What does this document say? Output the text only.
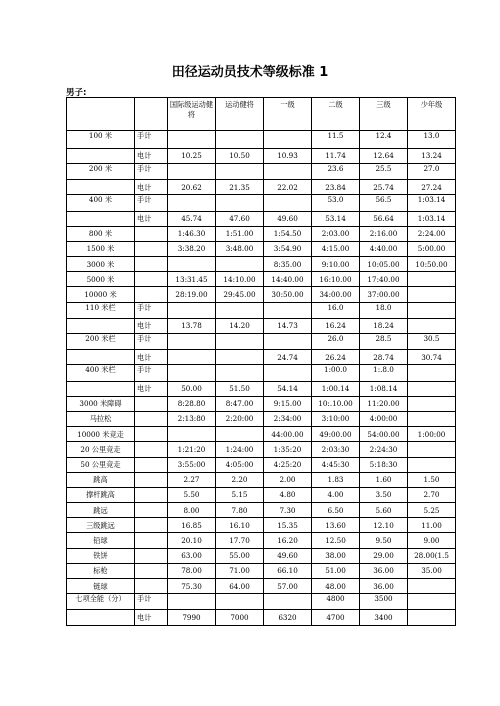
田径运动员技术等级标准 1
男子:
		国际级运动健将	运动健将	一级	二级	三级	少年级
100 米	手计				11.5	12.4	13.0
	电计	10.25	10.50	10.93	11.74	12.64	13.24
200 米	手计				23.6	25.5	27.0
	电计	20.62	21.35	22.02	23.84	25.74	27.24
400 米	手计				53.0	56.5	1:03.14
	电计	45.74	47.60	49.60	53.14	56.64	1:03.14
800 米		1:46.30	1:51.00	1:54.50	2:03.00	2:16.00	2:24.00
1500 米		3:38.20	3:48.00	3:54.90	4:15.00	4:40.00	5:00.00
3000 米				8:35.00	9:10.00	10:05.00	10:50.00
5000 米		13:31.45	14:10.00	14:40.00	16:10.00	17:40.00	
10000 米		28:19.00	29:45.00	30:50.00	34:00.00	37:00.00	
110 米栏	手计				16.0	18.0	
	电计	13.78	14.20	14.73	16.24	18.24	
200 米栏	手计				26.0	28.5	30.5
	电计			24.74	26.24	28.74	30.74
400 米栏	手计				1:00.0	1:.8.0	
	电计	50.00	51.50	54.14	1:00.14	1:08.14	
3000 米障碍		8:28.80	8:47.00	9:15.00	10:.10.00	11:20.00	
马拉松		2:13:80	2:20:00	2:34:00	3:10:00	4:00:00	
10000 米竞走				44:00.00	49:00.00	54:00.00	1:00:00
20 公里竞走		1:21:20	1:24:00	1:35:20	2:03:30	2:24:30	
50 公里竞走		3:55:00	4:05:00	4:25:20	4:45:30	5:18:30	
跳高		2.27	2.20	2.00	1.83	1.60	1.50
撑杆跳高		5.50	5.15	4.80	4.00	3.50	2.70
跳远		8.00	7.80	7.30	6.50	5.60	5.25
三级跳远		16.85	16.10	15.35	13.60	12.10	11.00
铅球		20.10	17.70	16.20	12.50	9.50	9.00
铁饼		63.00	55.00	49.60	38.00	29.00	28.00(1.5
标枪		78.00	71.00	66.10	51.00	36.00	35.00
链球		75.30	64.00	57.00	48.00	36.00	
七项全能（分）	手计				4800	3500	
	电计	7990	7000	6320	4700	3400	
